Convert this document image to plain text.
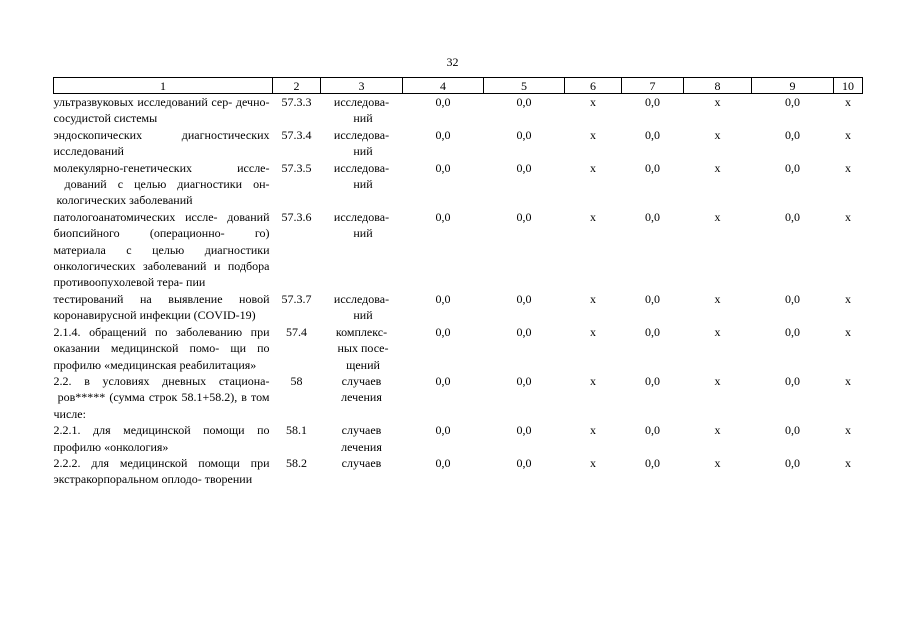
32
1	2	3	4	5	6	7	8	9	10
ультразвуковых исследований сер- дечно-сосудистой системы	57.3.3	исследова- ний	0,0	0,0	х	0,0	х	0,0	х
эндоскопических диагностических исследований	57.3.4	исследова- ний	0,0	0,0	х	0,0	х	0,0	х
молекулярно-генетических иссле- дований с целью диагностики он- кологических заболеваний	57.3.5	исследова- ний	0,0	0,0	х	0,0	х	0,0	х
патологоанатомических иссле- дований биопсийного (операционно- го) материала с целью диагностики онкологических заболеваний и подбора противоопухолевой тера- пии	57.3.6	исследова- ний	0,0	0,0	х	0,0	х	0,0	х
тестирований на выявление новой коронавирусной инфекции (COVID-19)	57.3.7	исследова- ний	0,0	0,0	х	0,0	х	0,0	х
2.1.4. обращений по заболеванию при оказании медицинской помо- щи по профилю «медицинская реабилитация»	57.4	комплекс- ных посе- щений	0,0	0,0	х	0,0	х	0,0	х
2.2. в условиях дневных стациона- ров***** (сумма строк 58.1+58.2), в том числе:	58	случаев лечения	0,0	0,0	х	0,0	х	0,0	х
2.2.1. для медицинской помощи по профилю «онкология»	58.1	случаев лечения	0,0	0,0	х	0,0	х	0,0	х
2.2.2. для медицинской помощи при экстракорпоральном оплодо- творении	58.2	случаев	0,0	0,0	х	0,0	х	0,0	х
